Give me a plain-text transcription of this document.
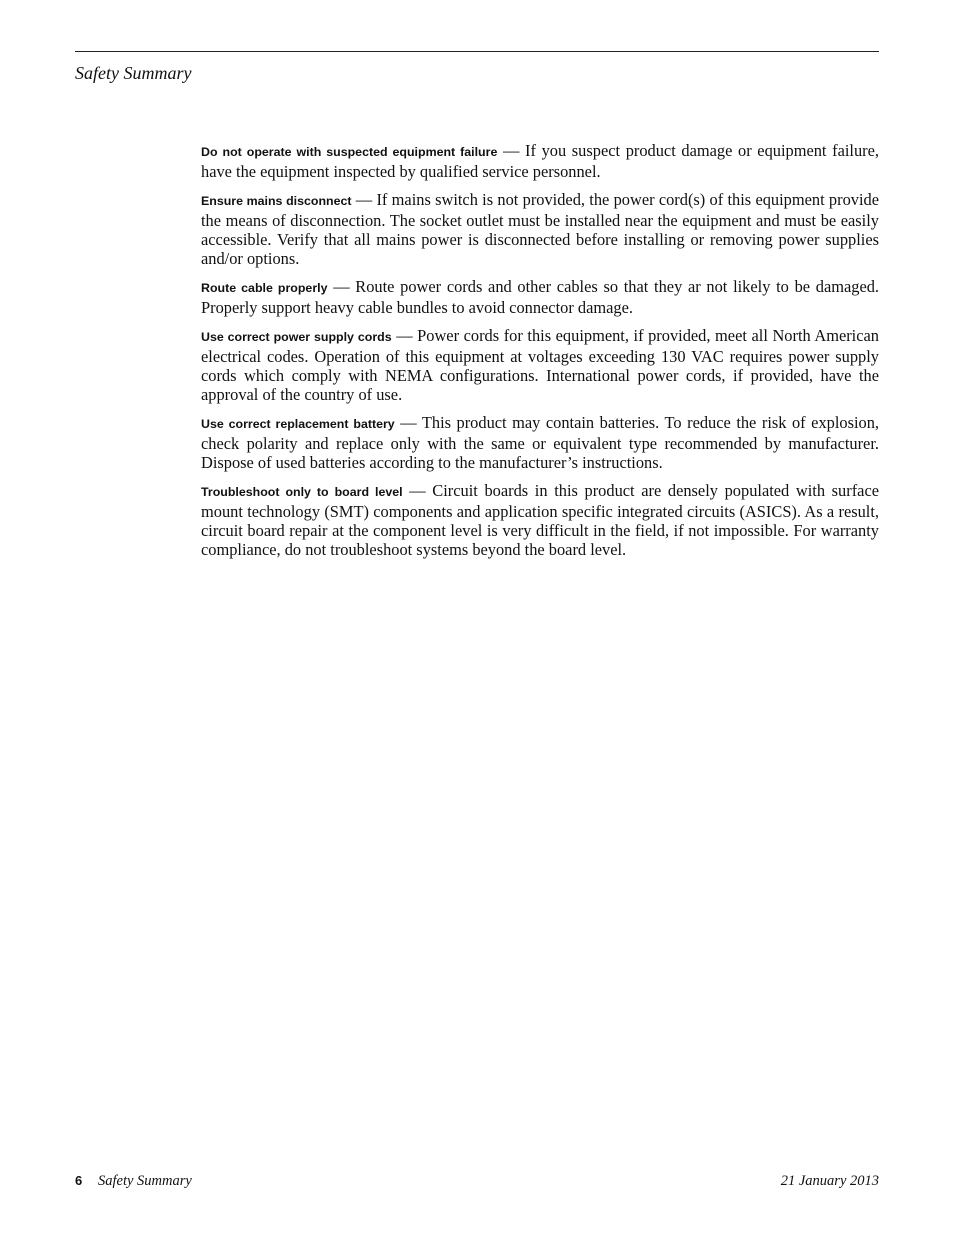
Safety Summary

Do not operate with suspected equipment failure — If you suspect product damage or equipment failure, have the equipment inspected by qualified service personnel.

Ensure mains disconnect — If mains switch is not provided, the power cord(s) of this equipment provide the means of disconnection. The socket outlet must be installed near the equipment and must be easily accessible. Verify that all mains power is disconnected before installing or removing power supplies and/or options.

Route cable properly — Route power cords and other cables so that they ar not likely to be damaged. Properly support heavy cable bundles to avoid connector damage.

Use correct power supply cords — Power cords for this equipment, if provided, meet all North American electrical codes. Operation of this equipment at voltages exceeding 130 VAC requires power supply cords which comply with NEMA configurations. International power cords, if provided, have the approval of the country of use.

Use correct replacement battery — This product may contain batteries. To reduce the risk of explosion, check polarity and replace only with the same or equivalent type recommended by manufacturer. Dispose of used batteries according to the manufacturer’s instructions.

Troubleshoot only to board level — Circuit boards in this product are densely populated with surface mount technology (SMT) components and application specific integrated circuits (ASICS). As a result, circuit board repair at the component level is very difficult in the field, if not impossible. For warranty compliance, do not troubleshoot systems beyond the board level.

6 Safety Summary	21 January 2013
